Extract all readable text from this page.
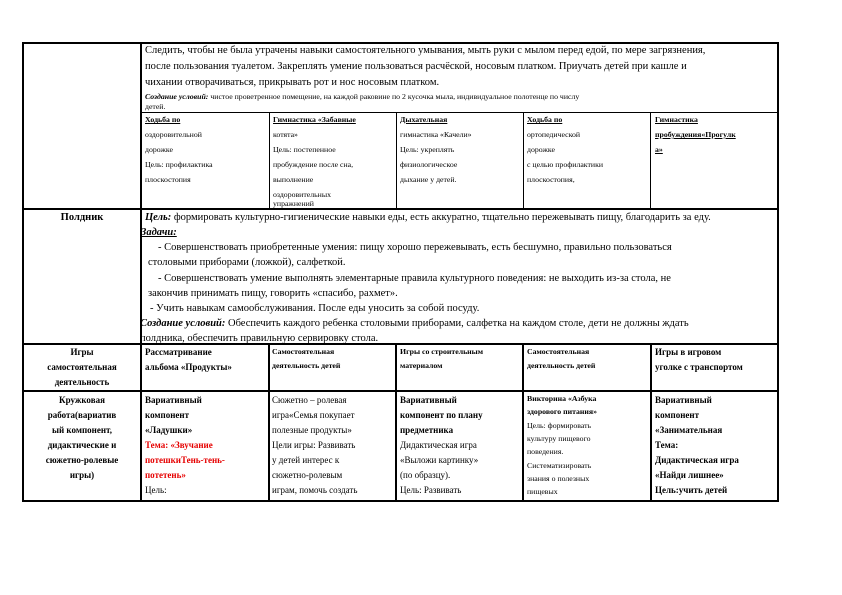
Следить, чтобы не была утрачены навыки самостоятельного умывания, мыть руки с мылом перед едой, по мере загрязнения,
после пользования туалетом. Закреплять умение пользоваться расчёской, носовым платком. Приучать детей при кашле и
чихании отворачиваться, прикрывать рот и нос носовым платком.
Создание условий: чистое проветренное помещение, на каждой раковине по 2 кусочка мыла, индивидуальное полотенце по числу
детей.
Ходьба по
оздоровительной
дорожке
Цель: профилактика
плоскостопия
Гимнастика «Забавные
котята»
Цель: постепенное
пробуждение после сна,
выполнение
оздоровительных
упражнений
Дыхательная
гимнастика «Качели»
Цель: укреплять
физиологическое
дыхание у детей.
Ходьба по
ортопедической
дорожке
с целью профилактики
плоскостопия,
Гимнастика
пробуждения«Прогулк
а»
Полдник	Цель: формировать культурно-гигиенические навыки еды, есть аккуратно, тщательно пережевывать пищу, благодарить за еду.
Задачи:
- Совершенствовать приобретенные умения: пищу хорошо пережевывать, есть бесшумно, правильно пользоваться
столовыми приборами (ложкой), салфеткой.
- Совершенствовать умение выполнять элементарные правила культурного поведения: не выходить из-за стола, не
закончив принимать пищу, говорить «спасибо, рахмет».
- Учить навыкам самообслуживания. После еды уносить за собой посуду.
Создание условий: Обеспечить каждого ребенка столовыми приборами, салфетка на каждом столе, дети не должны ждать
полдника, обеспечить правильную сервировку стола.
Игры
самостоятельная
деятельность
Рассматривание
альбома «Продукты»
Самостоятельная
деятельность детей
Игры со строительным
материалом
Самостоятельная
деятельность детей
Игры в игровом
уголке с транспортом
Кружковая
работа(вариатив
ый компонент,
дидактические и
сюжетно-ролевые
игры)
Вариативный
компонент
«Ладушки»
Тема: «Звучание
потешкиТень-тень-
потетень»
Цель:
Сюжетно – ролевая
игра«Семья покупает
полезные продукты»
Цели игры: Развивать
у детей интерес к
сюжетно-ролевым
играм, помочь создать
Вариативный
компонент по плану
предметника
Дидактическая игра
«Выложи картинку»
(по образцу).
Цель: Развивать
Викторина «Азбука
здорового питания»
Цель: формировать
культуру пищевого
поведения.
Систематизировать
знания о полезных
пищевых
Вариативный
компонент
«Занимательная
Тема:
Дидактическая игра
«Найди лишнее»
Цель:учить детей
